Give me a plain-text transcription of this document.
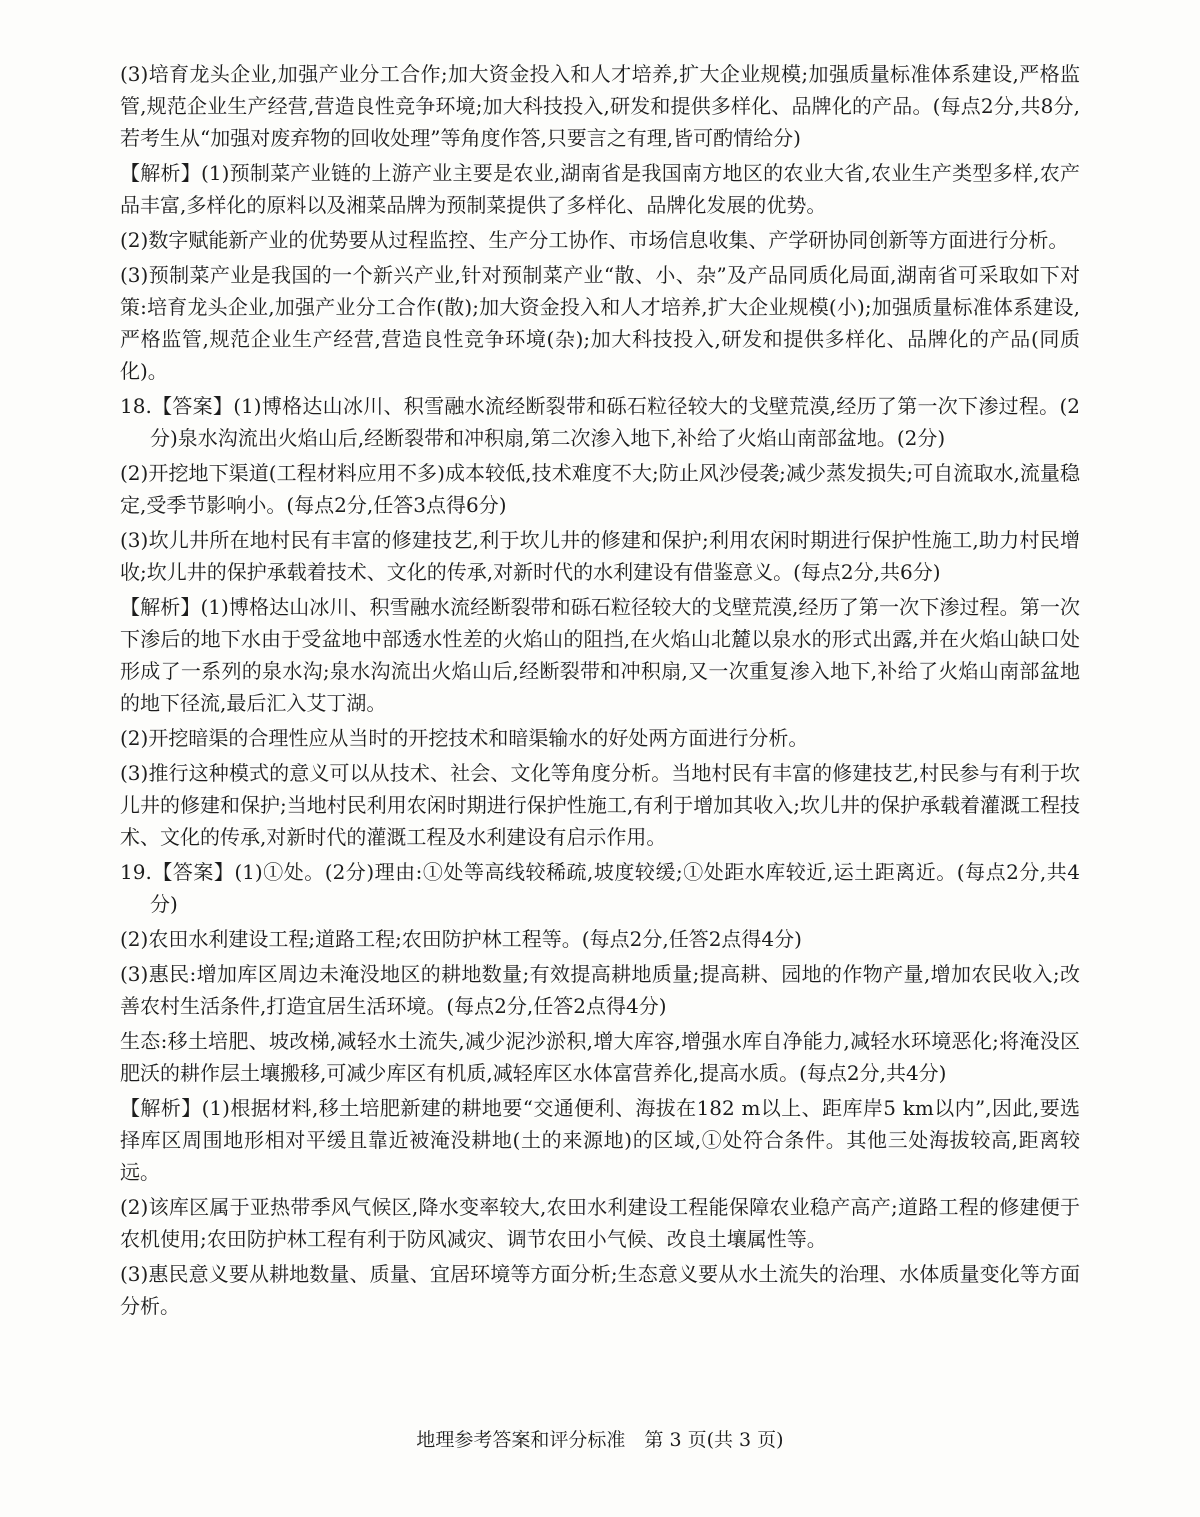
(3)培育龙头企业,加强产业分工合作;加大资金投入和人才培养,扩大企业规模;加强质量标准体系建设,严格监管,规范企业生产经营,营造良性竞争环境;加大科技投入,研发和提供多样化、品牌化的产品。(每点2分,共8分,若考生从“加强对废弃物的回收处理”等角度作答,只要言之有理,皆可酌情给分)

【解析】(1)预制菜产业链的上游产业主要是农业,湖南省是我国南方地区的农业大省,农业生产类型多样,农产品丰富,多样化的原料以及湘菜品牌为预制菜提供了多样化、品牌化发展的优势。

(2)数字赋能新产业的优势要从过程监控、生产分工协作、市场信息收集、产学研协同创新等方面进行分析。

(3)预制菜产业是我国的一个新兴产业,针对预制菜产业“散、小、杂”及产品同质化局面,湖南省可采取如下对策:培育龙头企业,加强产业分工合作(散);加大资金投入和人才培养,扩大企业规模(小);加强质量标准体系建设,严格监管,规范企业生产经营,营造良性竞争环境(杂);加大科技投入,研发和提供多样化、品牌化的产品(同质化)。

18.【答案】(1)博格达山冰川、积雪融水流经断裂带和砾石粒径较大的戈壁荒漠,经历了第一次下渗过程。(2分)泉水沟流出火焰山后,经断裂带和冲积扇,第二次渗入地下,补给了火焰山南部盆地。(2分)

(2)开挖地下渠道(工程材料应用不多)成本较低,技术难度不大;防止风沙侵袭;减少蒸发损失;可自流取水,流量稳定,受季节影响小。(每点2分,任答3点得6分)

(3)坎儿井所在地村民有丰富的修建技艺,利于坎儿井的修建和保护;利用农闲时期进行保护性施工,助力村民增收;坎儿井的保护承载着技术、文化的传承,对新时代的水利建设有借鉴意义。(每点2分,共6分)

【解析】(1)博格达山冰川、积雪融水流经断裂带和砾石粒径较大的戈壁荒漠,经历了第一次下渗过程。第一次下渗后的地下水由于受盆地中部透水性差的火焰山的阻挡,在火焰山北麓以泉水的形式出露,并在火焰山缺口处形成了一系列的泉水沟;泉水沟流出火焰山后,经断裂带和冲积扇,又一次重复渗入地下,补给了火焰山南部盆地的地下径流,最后汇入艾丁湖。

(2)开挖暗渠的合理性应从当时的开挖技术和暗渠输水的好处两方面进行分析。

(3)推行这种模式的意义可以从技术、社会、文化等角度分析。当地村民有丰富的修建技艺,村民参与有利于坎儿井的修建和保护;当地村民利用农闲时期进行保护性施工,有利于增加其收入;坎儿井的保护承载着灌溉工程技术、文化的传承,对新时代的灌溉工程及水利建设有启示作用。

19.【答案】(1)①处。(2分)理由:①处等高线较稀疏,坡度较缓;①处距水库较近,运土距离近。(每点2分,共4分)

(2)农田水利建设工程;道路工程;农田防护林工程等。(每点2分,任答2点得4分)

(3)惠民:增加库区周边未淹没地区的耕地数量;有效提高耕地质量;提高耕、园地的作物产量,增加农民收入;改善农村生活条件,打造宜居生活环境。(每点2分,任答2点得4分)

生态:移土培肥、坡改梯,减轻水土流失,减少泥沙淤积,增大库容,增强水库自净能力,减轻水环境恶化;将淹没区肥沃的耕作层土壤搬移,可减少库区有机质,减轻库区水体富营养化,提高水质。(每点2分,共4分)

【解析】(1)根据材料,移土培肥新建的耕地要“交通便利、海拔在182 m以上、距库岸5 km以内”,因此,要选择库区周围地形相对平缓且靠近被淹没耕地(土的来源地)的区域,①处符合条件。其他三处海拔较高,距离较远。

(2)该库区属于亚热带季风气候区,降水变率较大,农田水利建设工程能保障农业稳产高产;道路工程的修建便于农机使用;农田防护林工程有利于防风减灾、调节农田小气候、改良土壤属性等。

(3)惠民意义要从耕地数量、质量、宜居环境等方面分析;生态意义要从水土流失的治理、水体质量变化等方面分析。

地理参考答案和评分标准　第 3 页(共 3 页)
